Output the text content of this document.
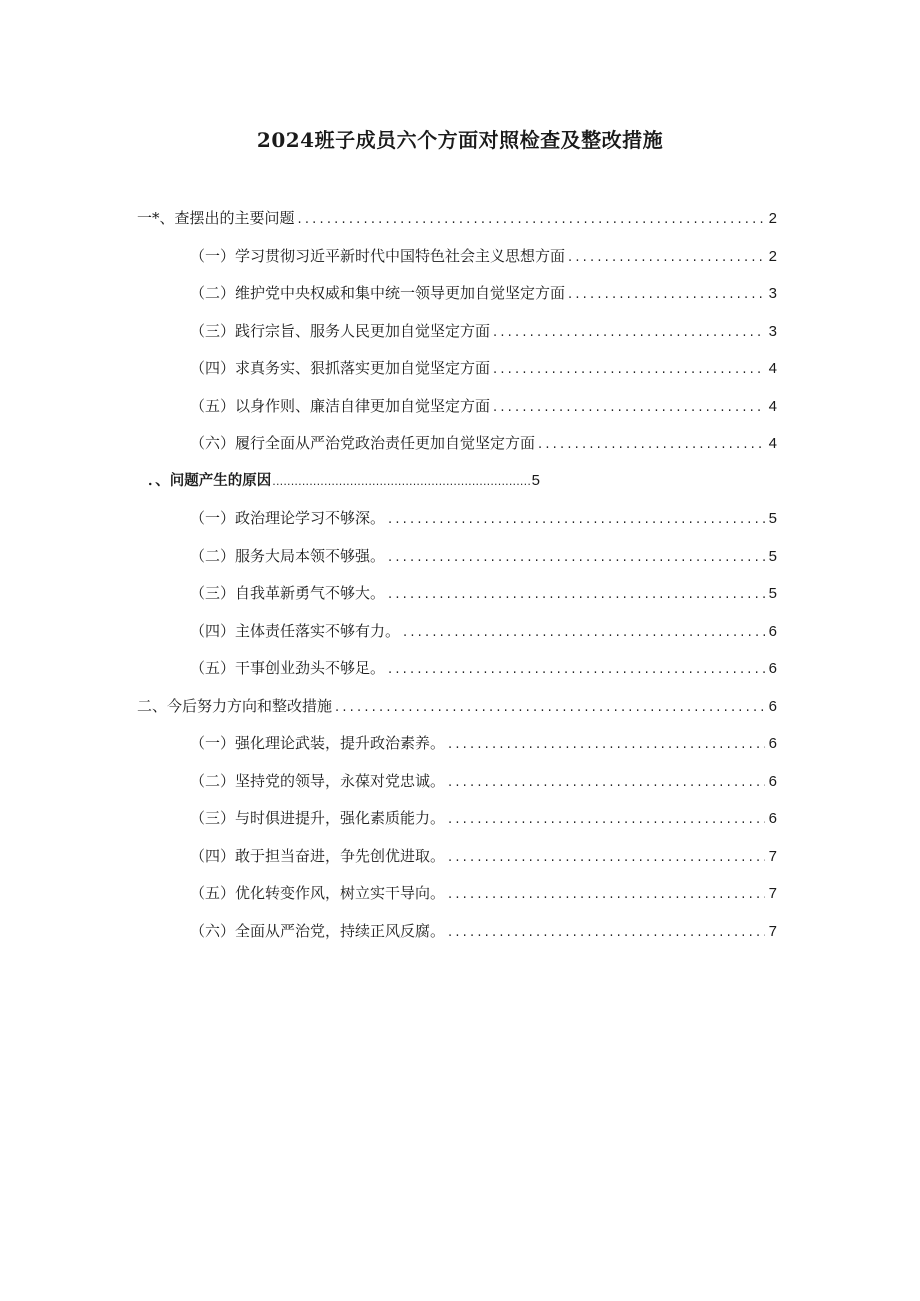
2024班子成员六个方面对照检查及整改措施
一*、查摆出的主要问题 .....	2
（一）学习贯彻习近平新时代中国特色社会主义思想方面 .....	2
（二）维护党中央权威和集中统一领导更加自觉坚定方面 .....	3
（三）践行宗旨、服务人民更加自觉坚定方面 .....	3
（四）求真务实、狠抓落实更加自觉坚定方面 .....	4
（五）以身作则、廉洁自律更加自觉坚定方面 .....	4
（六）履行全面从严治党政治责任更加自觉坚定方面 .....	4
．、问题产生的原因 .....	5
（一）政治理论学习不够深。 .....	5
（二）服务大局本领不够强。 .....	5
（三）自我革新勇气不够大。 .....	5
（四）主体责任落实不够有力。 .....	6
（五）干事创业劲头不够足。 .....	6
二、今后努力方向和整改措施 .....	6
（一）强化理论武装，提升政治素养。 .....	6
（二）坚持党的领导，永葆对党忠诚。 .....	6
（三）与时俱进提升，强化素质能力。 .....	6
（四）敢于担当奋进，争先创优进取。 .....	7
（五）优化转变作风，树立实干导向。 .....	7
（六）全面从严治党，持续正风反腐。 .....	7
